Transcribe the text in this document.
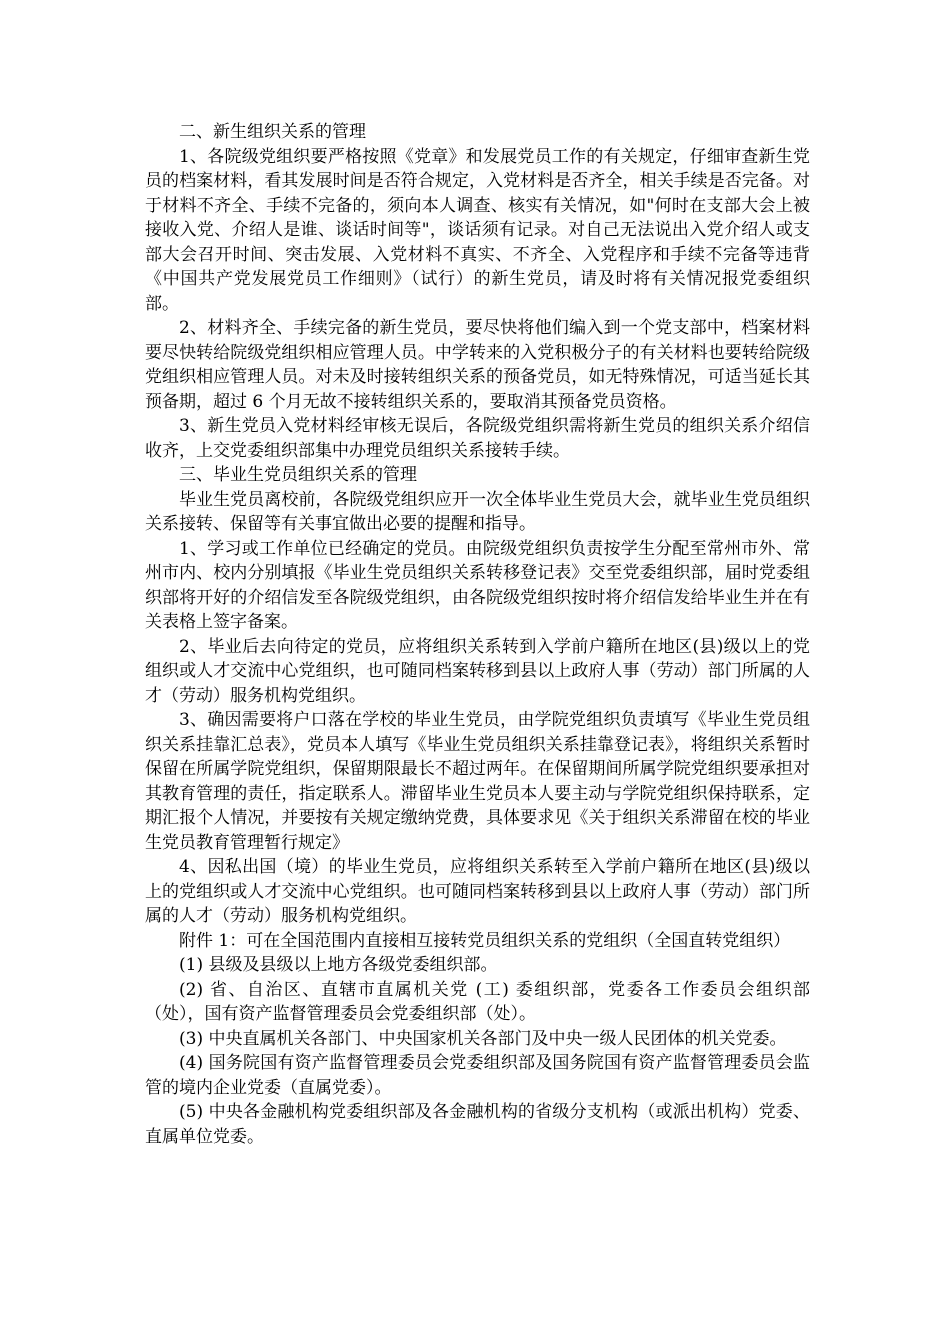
二、新生组织关系的管理

1、各院级党组织要严格按照《党章》和发展党员工作的有关规定，仔细审查新生党员的档案材料，看其发展时间是否符合规定，入党材料是否齐全，相关手续是否完备。对于材料不齐全、手续不完备的，须向本人调查、核实有关情况，如"何时在支部大会上被接收入党、介绍人是谁、谈话时间等"，谈话须有记录。对自己无法说出入党介绍人或支部大会召开时间、突击发展、入党材料不真实、不齐全、入党程序和手续不完备等违背《中国共产党发展党员工作细则》（试行）的新生党员，请及时将有关情况报党委组织部。

2、材料齐全、手续完备的新生党员，要尽快将他们编入到一个党支部中，档案材料要尽快转给院级党组织相应管理人员。中学转来的入党积极分子的有关材料也要转给院级党组织相应管理人员。对未及时接转组织关系的预备党员，如无特殊情况，可适当延长其预备期，超过 6 个月无故不接转组织关系的，要取消其预备党员资格。

3、新生党员入党材料经审核无误后，各院级党组织需将新生党员的组织关系介绍信收齐，上交党委组织部集中办理党员组织关系接转手续。

三、毕业生党员组织关系的管理

毕业生党员离校前，各院级党组织应开一次全体毕业生党员大会，就毕业生党员组织关系接转、保留等有关事宜做出必要的提醒和指导。

1、学习或工作单位已经确定的党员。由院级党组织负责按学生分配至常州市外、常州市内、校内分别填报《毕业生党员组织关系转移登记表》交至党委组织部，届时党委组织部将开好的介绍信发至各院级党组织，由各院级党组织按时将介绍信发给毕业生并在有关表格上签字备案。

2、毕业后去向待定的党员，应将组织关系转到入学前户籍所在地区(县)级以上的党组织或人才交流中心党组织，也可随同档案转移到县以上政府人事（劳动）部门所属的人才（劳动）服务机构党组织。

3、确因需要将户口落在学校的毕业生党员，由学院党组织负责填写《毕业生党员组织关系挂靠汇总表》，党员本人填写《毕业生党员组织关系挂靠登记表》，将组织关系暂时保留在所属学院党组织，保留期限最长不超过两年。在保留期间所属学院党组织要承担对其教育管理的责任，指定联系人。滞留毕业生党员本人要主动与学院党组织保持联系，定期汇报个人情况，并要按有关规定缴纳党费，具体要求见《关于组织关系滞留在校的毕业生党员教育管理暂行规定》

4、因私出国（境）的毕业生党员，应将组织关系转至入学前户籍所在地区(县)级以上的党组织或人才交流中心党组织。也可随同档案转移到县以上政府人事（劳动）部门所属的人才（劳动）服务机构党组织。

附件 1：可在全国范围内直接相互接转党员组织关系的党组织（全国直转党组织）

(1) 县级及县级以上地方各级党委组织部。

(2) 省、自治区、直辖市直属机关党 (工) 委组织部，党委各工作委员会组织部（处），国有资产监督管理委员会党委组织部（处）。

(3) 中央直属机关各部门、中央国家机关各部门及中央一级人民团体的机关党委。

(4) 国务院国有资产监督管理委员会党委组织部及国务院国有资产监督管理委员会监管的境内企业党委（直属党委）。

(5) 中央各金融机构党委组织部及各金融机构的省级分支机构（或派出机构）党委、直属单位党委。
